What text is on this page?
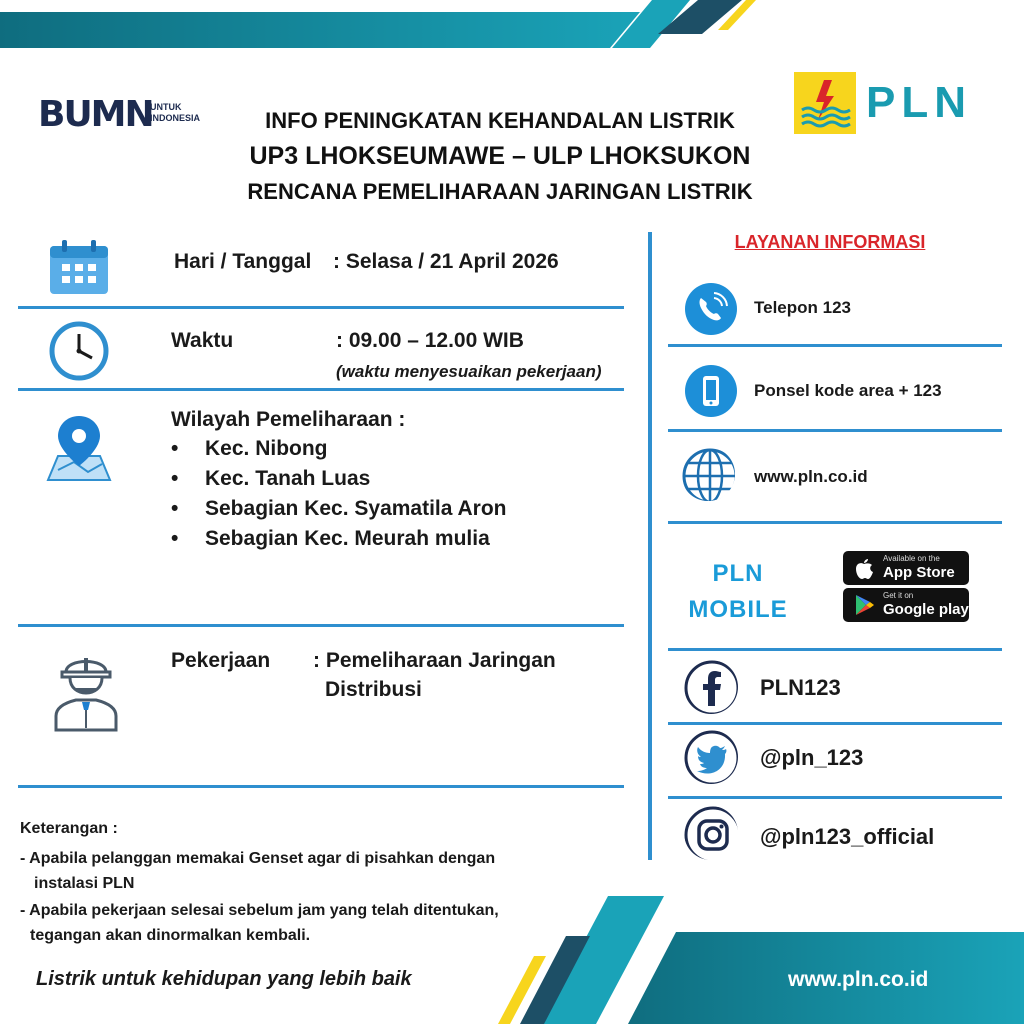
BUMN
UNTUK
INDONESIA	PLN
INFO PENINGKATAN KEHANDALAN LISTRIK
UP3 LHOKSEUMAWE – ULP LHOKSUKON
RENCANA PEMELIHARAAN JARINGAN LISTRIK
Hari / Tanggal : Selasa / 21 April 2026
Waktu	: 09.00 – 12.00 WIB
(waktu menyesuaikan pekerjaan)
Wilayah Pemeliharaan :
• Kec. Nibong
• Kec. Tanah Luas
• Sebagian Kec. Syamatila Aron
• Sebagian Kec. Meurah mulia
Pekerjaan : Pemeliharaan Jaringan
Distribusi
Keterangan :
- Apabila pelanggan memakai Genset agar di pisahkan dengan
instalasi PLN
- Apabila pekerjaan selesai sebelum jam yang telah ditentukan,
tegangan akan dinormalkan kembali.
LAYANAN INFORMASI
Telepon 123
Ponsel kode area + 123
www.pln.co.id
PLN
MOBILE
Available on the
App Store
Get it on
Google play
PLN123
@pln_123
@pln123_official
Listrik untuk kehidupan yang lebih baik	www.pln.co.id
